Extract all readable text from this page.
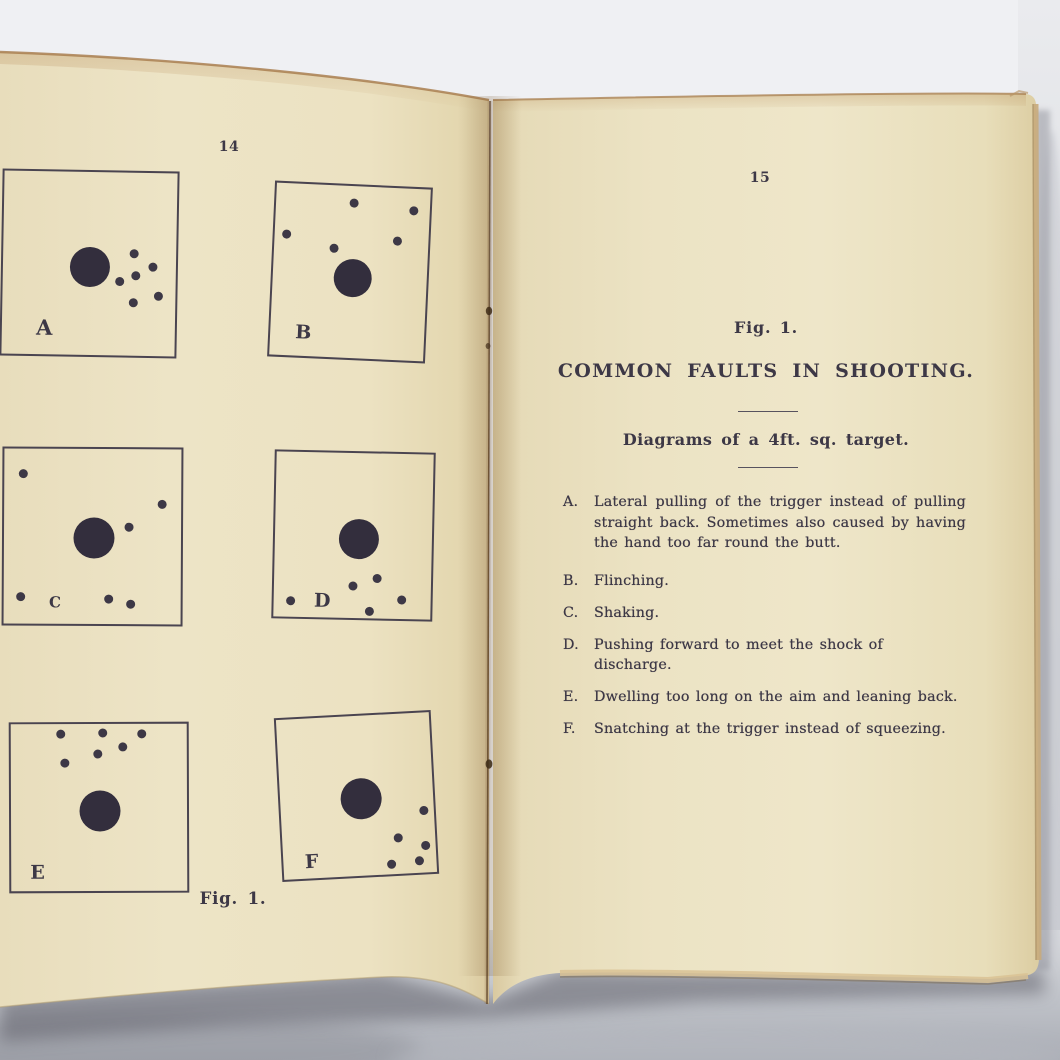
14
A	B
C	D
E	F
Fig. 1.
15
Fig. 1.
COMMON FAULTS IN SHOOTING.
Diagrams of a 4ft. sq. target.
A. Lateral pulling of the trigger instead of pulling straight back. Sometimes also caused by having the hand too far round the butt.
B. Flinching.
C. Shaking.
D. Pushing forward to meet the shock of discharge.
E. Dwelling too long on the aim and leaning back.
F. Snatching at the trigger instead of squeezing.
